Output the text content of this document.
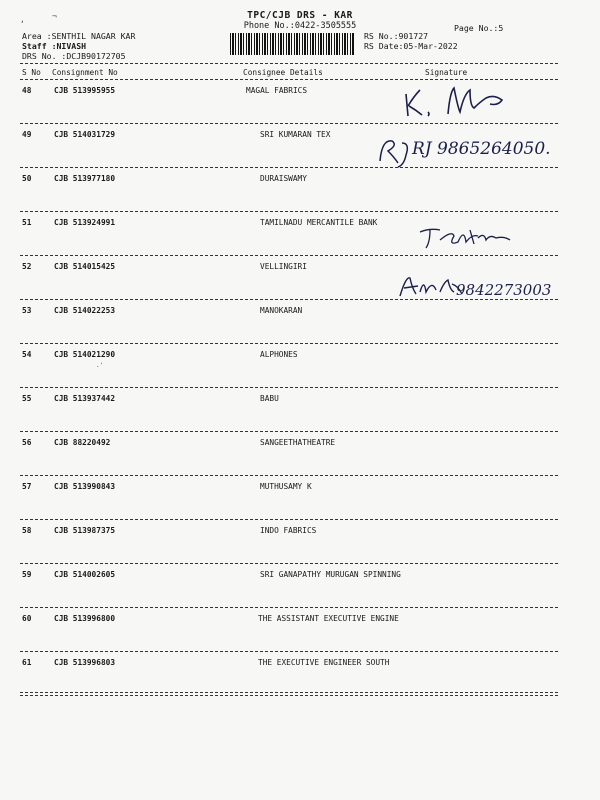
,	¬	TPC/CJB DRS - KAR
Phone No.:0422-3505555	Page No.:5
Area :SENTHIL NAGAR KAR
Staff :NIVASH
DRS No. :DCJB90172705
RS No.:901727
RS Date:05-Mar-2022
S No Consignment No	Consignee Details	Signature
48	CJB 513995955	MAGAL FABRICS
49	CJB 514031729	SRI KUMARAN TEX
50	CJB 513977180	DURAISWAMY
51	CJB 513924991	TAMILNADU MERCANTILE BANK
52	CJB 514015425	VELLINGIRI
53	CJB 514022253	MANOKARAN
54	CJB 514021290	ALPHONES
55	CJB 513937442	BABU
56	CJB 88220492	SANGEETHATHEATRE
57	CJB 513990843	MUTHUSAMY K
58	CJB 513987375	INDO FABRICS
59	CJB 514002605	SRI GANAPATHY MURUGAN SPINNING
60	CJB 513996800	THE ASSISTANT EXECUTIVE ENGINE
61	CJB 513996803	THE EXECUTIVE ENGINEER SOUTH
.'
RJ 9865264050.
9842273003
